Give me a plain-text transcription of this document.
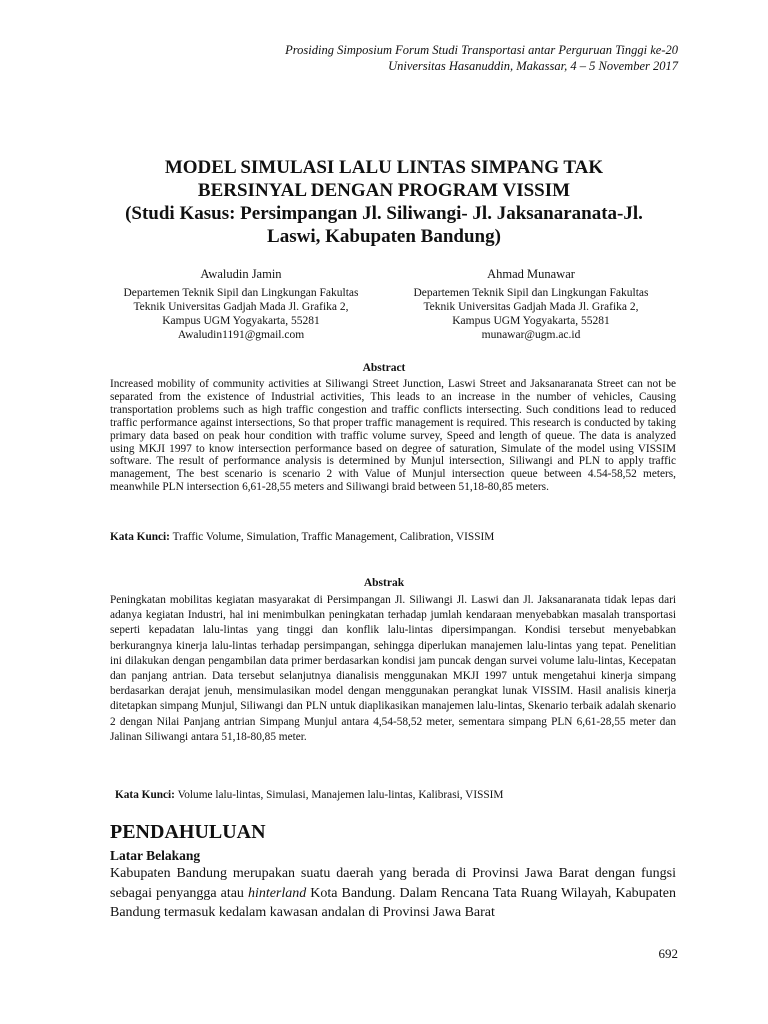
Prosiding Simposium Forum Studi Transportasi antar Perguruan Tinggi ke-20
Universitas Hasanuddin, Makassar, 4 – 5 November 2017
MODEL SIMULASI LALU LINTAS SIMPANG TAK
BERSINYAL DENGAN PROGRAM VISSIM
(Studi Kasus: Persimpangan Jl. Siliwangi- Jl. Jaksanaranata-Jl.
Laswi, Kabupaten Bandung)
Awaludin Jamin
Departemen Teknik Sipil dan Lingkungan Fakultas
Teknik Universitas Gadjah Mada Jl. Grafika 2,
Kampus UGM Yogyakarta, 55281
Awaludin1191@gmail.com
Ahmad Munawar
Departemen Teknik Sipil dan Lingkungan Fakultas
Teknik Universitas Gadjah Mada Jl. Grafika 2,
Kampus UGM Yogyakarta, 55281
munawar@ugm.ac.id
Abstract
Increased mobility of community activities at Siliwangi Street Junction, Laswi Street and Jaksanaranata Street can not be separated from the existence of Industrial activities, This leads to an increase in the number of vehicles, Causing transportation problems such as high traffic congestion and traffic conflicts intersecting. Such conditions lead to reduced traffic performance against intersections, So that proper traffic management is required. This research is conducted by taking primary data based on peak hour condition with traffic volume survey, Speed and length of queue. The data is analyzed using MKJI 1997 to know intersection performance based on degree of saturation, Simulate of the model using VISSIM software. The result of performance analysis is determined by Munjul intersection, Siliwangi and PLN to apply traffic management, The best scenario is scenario 2 with Value of Munjul intersection queue between 4.54-58,52 meters, meanwhile PLN intersection 6,61-28,55 meters and Siliwangi braid between 51,18-80,85 meters.
Kata Kunci: Traffic Volume, Simulation, Traffic Management, Calibration, VISSIM
Abstrak
Peningkatan mobilitas kegiatan masyarakat di Persimpangan Jl. Siliwangi Jl. Laswi dan Jl. Jaksanaranata tidak lepas dari adanya kegiatan Industri, hal ini menimbulkan peningkatan terhadap jumlah kendaraan menyebabkan masalah transportasi seperti kepadatan lalu-lintas yang tinggi dan konflik lalu-lintas dipersimpangan. Kondisi tersebut menyebabkan berkurangnya kinerja lalu-lintas terhadap persimpangan, sehingga diperlukan manajemen lalu-lintas yang tepat. Penelitian ini dilakukan dengan pengambilan data primer berdasarkan kondisi jam puncak dengan survei volume lalu-lintas, Kecepatan dan panjang antrian. Data tersebut selanjutnya dianalisis menggunakan MKJI 1997 untuk mengetahui kinerja simpang berdasarkan derajat jenuh, mensimulasikan model dengan menggunakan perangkat lunak VISSIM. Hasil analisis kinerja ditetapkan simpang Munjul, Siliwangi dan PLN untuk diaplikasikan manajemen lalu-lintas, Skenario terbaik adalah skenario 2 dengan Nilai Panjang antrian Simpang Munjul antara 4,54-58,52 meter, sementara simpang PLN 6,61-28,55 meter dan Jalinan Siliwangi antara 51,18-80,85 meter.
Kata Kunci: Volume lalu-lintas, Simulasi, Manajemen lalu-lintas, Kalibrasi, VISSIM
PENDAHULUAN
Latar Belakang
Kabupaten Bandung merupakan suatu daerah yang berada di Provinsi Jawa Barat dengan fungsi sebagai penyangga atau hinterland Kota Bandung. Dalam Rencana Tata Ruang Wilayah, Kabupaten Bandung termasuk kedalam kawasan andalan di Provinsi Jawa Barat
692
